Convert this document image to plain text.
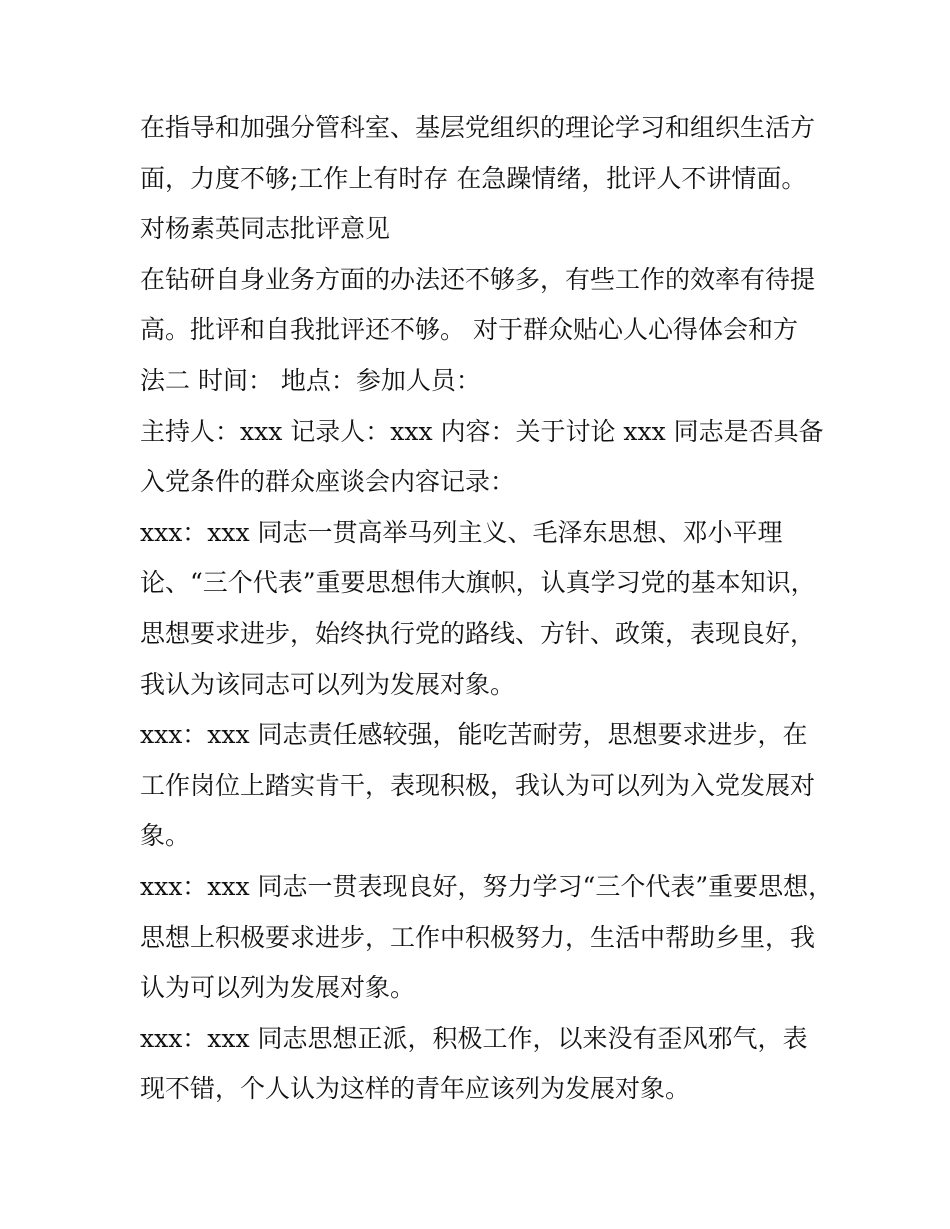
在指导和加强分管科室、基层党组织的理论学习和组织生活方
面，力度不够;工作上有时存 在急躁情绪，批评人不讲情面。
对杨素英同志批评意见
在钻研自身业务方面的办法还不够多，有些工作的效率有待提
高。批评和自我批评还不够。 对于群众贴心人心得体会和方
法二 时间： 地点：参加人员：
主持人：xxx 记录人：xxx 内容：关于讨论 xxx 同志是否具备
入党条件的群众座谈会内容记录：
xxx：xxx 同志一贯高举马列主义、毛泽东思想、邓小平理
论、“三个代表”重要思想伟大旗帜，认真学习党的基本知识，
思想要求进步，始终执行党的路线、方针、政策，表现良好，
我认为该同志可以列为发展对象。
xxx：xxx 同志责任感较强，能吃苦耐劳，思想要求进步，在
工作岗位上踏实肯干，表现积极，我认为可以列为入党发展对
象。
xxx：xxx 同志一贯表现良好，努力学习“三个代表”重要思想，
思想上积极要求进步，工作中积极努力，生活中帮助乡里，我
认为可以列为发展对象。
xxx：xxx 同志思想正派，积极工作，以来没有歪风邪气，表
现不错，个人认为这样的青年应该列为发展对象。
